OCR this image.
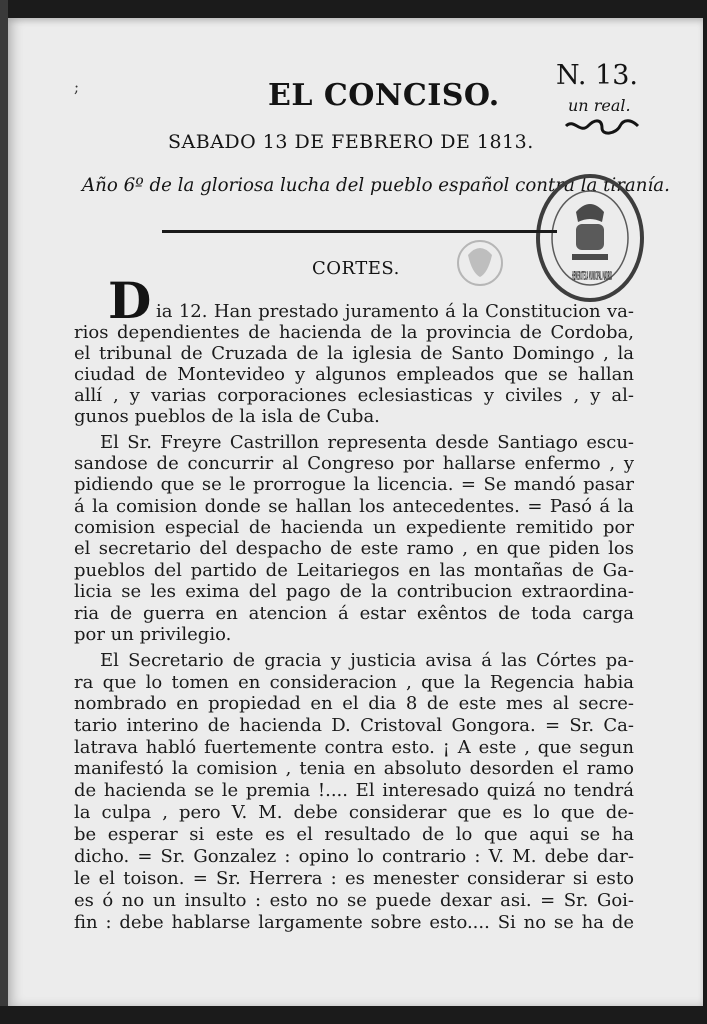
;	EL CONCISO.
N. 13.
un real.
SABADO 13 DE FEBRERO DE 1813.
Año 6º de la gloriosa lucha del pueblo español contra la tiranía.
HEMEROTECA MUNICIPAL MADRID
CORTES.
D ia 12. Han prestado juramento á la Constitucion va-
rios dependientes de hacienda de la provincia de Cordoba,
el tribunal de Cruzada de la iglesia de Santo Domingo , la
ciudad de Montevideo y algunos empleados que se hallan
allí , y varias corporaciones eclesiasticas y civiles , y al-
gunos pueblos de la isla de Cuba.
El Sr. Freyre Castrillon representa desde Santiago escu-
sandose de concurrir al Congreso por hallarse enfermo , y
pidiendo que se le prorrogue la licencia. = Se mandó pasar
á la comision donde se hallan los antecedentes. = Pasó á la
comision especial de hacienda un expediente remitido por
el secretario del despacho de este ramo , en que piden los
pueblos del partido de Leitariegos en las montañas de Ga-
licia se les exima del pago de la contribucion extraordina-
ria de guerra en atencion á estar exêntos de toda carga
por un privilegio.
El Secretario de gracia y justicia avisa á las Córtes pa-
ra que lo tomen en consideracion , que la Regencia habia
nombrado en propiedad en el dia 8 de este mes al secre-
tario interino de hacienda D. Cristoval Gongora. = Sr. Ca-
latrava habló fuertemente contra esto. ¡ A este , que segun
manifestó la comision , tenia en absoluto desorden el ramo
de hacienda se le premia !.... El interesado quizá no tendrá
la culpa , pero V. M. debe considerar que es lo que de-
be esperar si este es el resultado de lo que aqui se ha
dicho. = Sr. Gonzalez : opino lo contrario : V. M. debe dar-
le el toison. = Sr. Herrera : es menester considerar si esto
es ó no un insulto : esto no se puede dexar asi. = Sr. Goi-
fin : debe hablarse largamente sobre esto.... Si no se ha de
